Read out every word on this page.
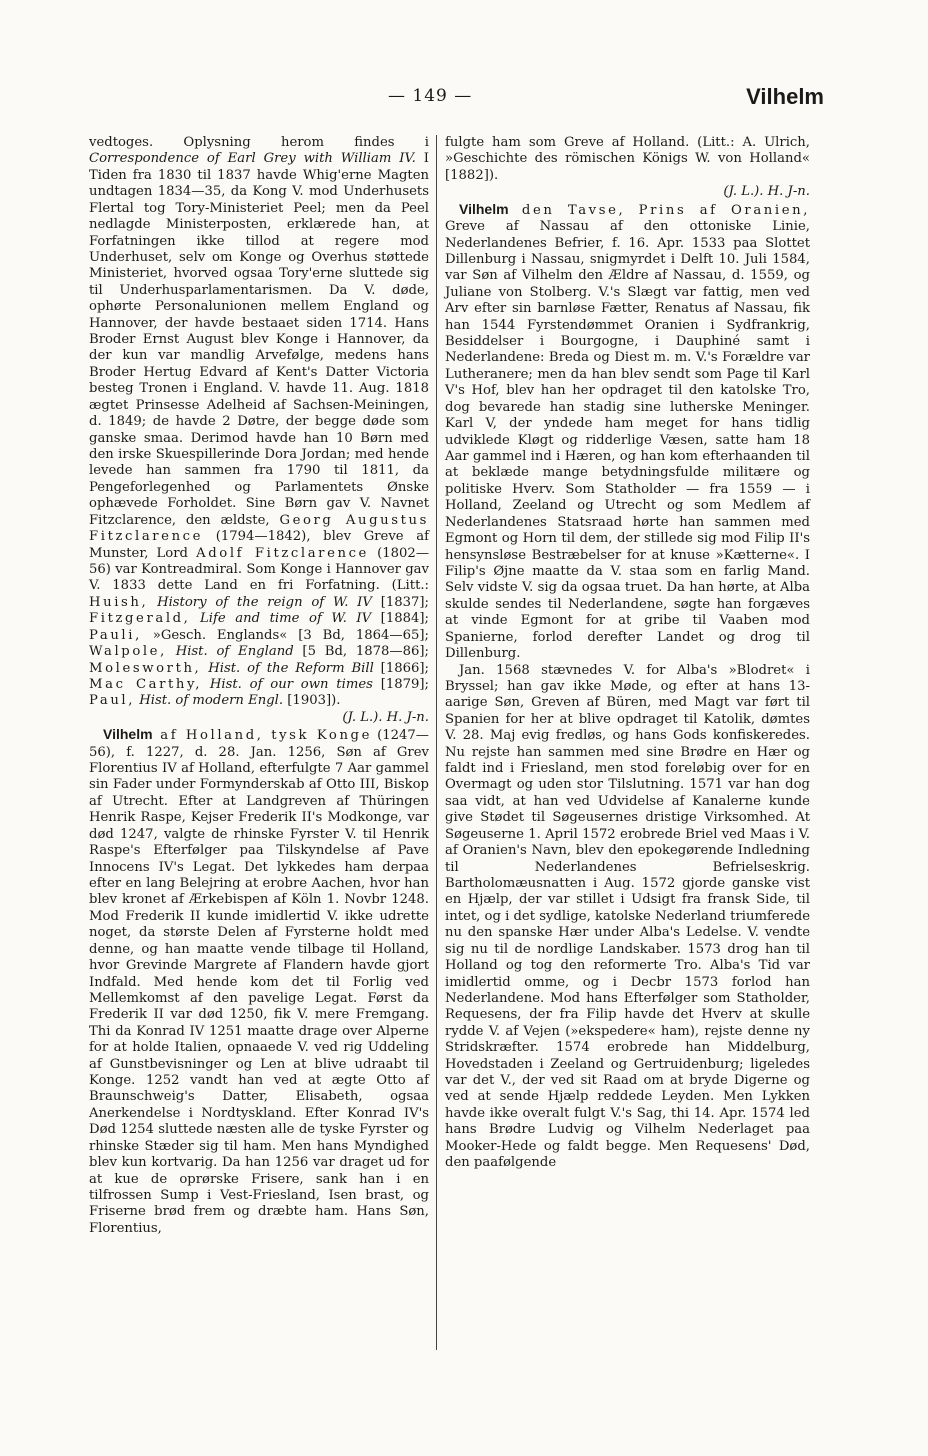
— 149 —	Vilhelm

vedtoges. Oplysning herom findes i Correspondence of Earl Grey with William IV. I Tiden fra 1830 til 1837 havde Whig'erne Magten undtagen 1834—35, da Kong V. mod Underhusets Flertal tog Tory-Ministeriet Peel; men da Peel nedlagde Ministerposten, erklærede han, at Forfatningen ikke tillod at regere mod Underhuset, selv om Konge og Overhus støttede Ministeriet, hvorved ogsaa Tory'erne sluttede sig til Underhusparlamentarismen. Da V. døde, ophørte Personalunionen mellem England og Hannover, der havde bestaaet siden 1714. Hans Broder Ernst August blev Konge i Hannover, da der kun var mandlig Arvefølge, medens hans Broder Hertug Edvard af Kent's Datter Victoria besteg Tronen i England. V. havde 11. Aug. 1818 ægtet Prinsesse Adelheid af Sachsen-Meiningen, d. 1849; de havde 2 Døtre, der begge døde som ganske smaa. Derimod havde han 10 Børn med den irske Skuespillerinde Dora Jordan; med hende levede han sammen fra 1790 til 1811, da Pengeforlegenhed og Parlamentets Ønske ophævede Forholdet. Sine Børn gav V. Navnet Fitzclarence, den ældste, Georg Augustus Fitzclarence (1794—1842), blev Greve af Munster, Lord Adolf Fitzclarence (1802—56) var Kontreadmiral. Som Konge i Hannover gav V. 1833 dette Land en fri Forfatning. (Litt.: Huish, History of the reign of W. IV [1837]; Fitzgerald, Life and time of W. IV [1884]; Pauli, »Gesch. Englands« [3 Bd, 1864—65]; Walpole, Hist. of England [5 Bd, 1878—86]; Molesworth, Hist. of the Reform Bill [1866]; Mac Carthy, Hist. of our own times [1879]; Paul, Hist. of modern Engl. [1903]).
(J. L.). H. J-n.

Vilhelm af Holland, tysk Konge (1247—56), f. 1227, d. 28. Jan. 1256, Søn af Grev Florentius IV af Holland, efterfulgte 7 Aar gammel sin Fader under Formynderskab af Otto III, Biskop af Utrecht. Efter at Landgreven af Thüringen Henrik Raspe, Kejser Frederik II's Modkonge, var død 1247, valgte de rhinske Fyrster V. til Henrik Raspe's Efterfølger paa Tilskyndelse af Pave Innocens IV's Legat. Det lykkedes ham derpaa efter en lang Belejring at erobre Aachen, hvor han blev kronet af Ærkebispen af Köln 1. Novbr 1248. Mod Frederik II kunde imidlertid V. ikke udrette noget, da største Delen af Fyrsterne holdt med denne, og han maatte vende tilbage til Holland, hvor Grevinde Margrete af Flandern havde gjort Indfald. Med hende kom det til Forlig ved Mellemkomst af den pavelige Legat. Først da Frederik II var død 1250, fik V. mere Fremgang. Thi da Konrad IV 1251 maatte drage over Alperne for at holde Italien, opnaaede V. ved rig Uddeling af Gunstbevisninger og Len at blive udraabt til Konge. 1252 vandt han ved at ægte Otto af Braunschweig's Datter, Elisabeth, ogsaa Anerkendelse i Nordtyskland. Efter Konrad IV's Død 1254 sluttede næsten alle de tyske Fyrster og rhinske Stæder sig til ham. Men hans Myndighed blev kun kortvarig. Da han 1256 var draget ud for at kue de oprørske Frisere, sank han i en tilfrossen Sump i Vest-Friesland, Isen brast, og Friserne brød frem og dræbte ham. Hans Søn, Florentius,

fulgte ham som Greve af Holland. (Litt.: A. Ulrich, »Geschichte des römischen Königs W. von Holland« [1882]).
(J. L.). H. J-n.

Vilhelm den Tavse, Prins af Oranien, Greve af Nassau af den ottoniske Linie, Nederlandenes Befrier, f. 16. Apr. 1533 paa Slottet Dillenburg i Nassau, snigmyrdet i Delft 10. Juli 1584, var Søn af Vilhelm den Ældre af Nassau, d. 1559, og Juliane von Stolberg. V.'s Slægt var fattig, men ved Arv efter sin barnløse Fætter, Renatus af Nassau, fik han 1544 Fyrstendømmet Oranien i Sydfrankrig, Besiddelser i Bourgogne, i Dauphiné samt i Nederlandene: Breda og Diest m. m. V.'s Forældre var Lutheranere; men da han blev sendt som Page til Karl V's Hof, blev han her opdraget til den katolske Tro, dog bevarede han stadig sine lutherske Meninger. Karl V, der yndede ham meget for hans tidlig udviklede Kløgt og ridderlige Væsen, satte ham 18 Aar gammel ind i Hæren, og han kom efterhaanden til at beklæde mange betydningsfulde militære og politiske Hverv. Som Statholder — fra 1559 — i Holland, Zeeland og Utrecht og som Medlem af Nederlandenes Statsraad hørte han sammen med Egmont og Horn til dem, der stillede sig mod Filip II's hensynsløse Bestræbelser for at knuse »Kætterne«. I Filip's Øjne maatte da V. staa som en farlig Mand. Selv vidste V. sig da ogsaa truet. Da han hørte, at Alba skulde sendes til Nederlandene, søgte han forgæves at vinde Egmont for at gribe til Vaaben mod Spanierne, forlod derefter Landet og drog til Dillenburg.

Jan. 1568 stævnedes V. for Alba's »Blodret« i Bryssel; han gav ikke Møde, og efter at hans 13-aarige Søn, Greven af Büren, med Magt var ført til Spanien for her at blive opdraget til Katolik, dømtes V. 28. Maj evig fredløs, og hans Gods konfiskeredes. Nu rejste han sammen med sine Brødre en Hær og faldt ind i Friesland, men stod foreløbig over for en Overmagt og uden stor Tilslutning. 1571 var han dog saa vidt, at han ved Udvidelse af Kanalerne kunde give Stødet til Søgeusernes dristige Virksomhed. At Søgeuserne 1. April 1572 erobrede Briel ved Maas i V. af Oranien's Navn, blev den epokegørende Indledning til Nederlandenes Befrielseskrig. Bartholomæusnatten i Aug. 1572 gjorde ganske vist en Hjælp, der var stillet i Udsigt fra fransk Side, til intet, og i det sydlige, katolske Nederland triumferede nu den spanske Hær under Alba's Ledelse. V. vendte sig nu til de nordlige Landskaber. 1573 drog han til Holland og tog den reformerte Tro. Alba's Tid var imidlertid omme, og i Decbr 1573 forlod han Nederlandene. Mod hans Efterfølger som Statholder, Requesens, der fra Filip havde det Hverv at skulle rydde V. af Vejen (»ekspedere« ham), rejste denne ny Stridskræfter. 1574 erobrede han Middelburg, Hovedstaden i Zeeland og Gertruidenburg; ligeledes var det V., der ved sit Raad om at bryde Digerne og ved at sende Hjælp reddede Leyden. Men Lykken havde ikke overalt fulgt V.'s Sag, thi 14. Apr. 1574 led hans Brødre Ludvig og Vilhelm Nederlaget paa Mooker-Hede og faldt begge. Men Requesens' Død, den paafølgende
